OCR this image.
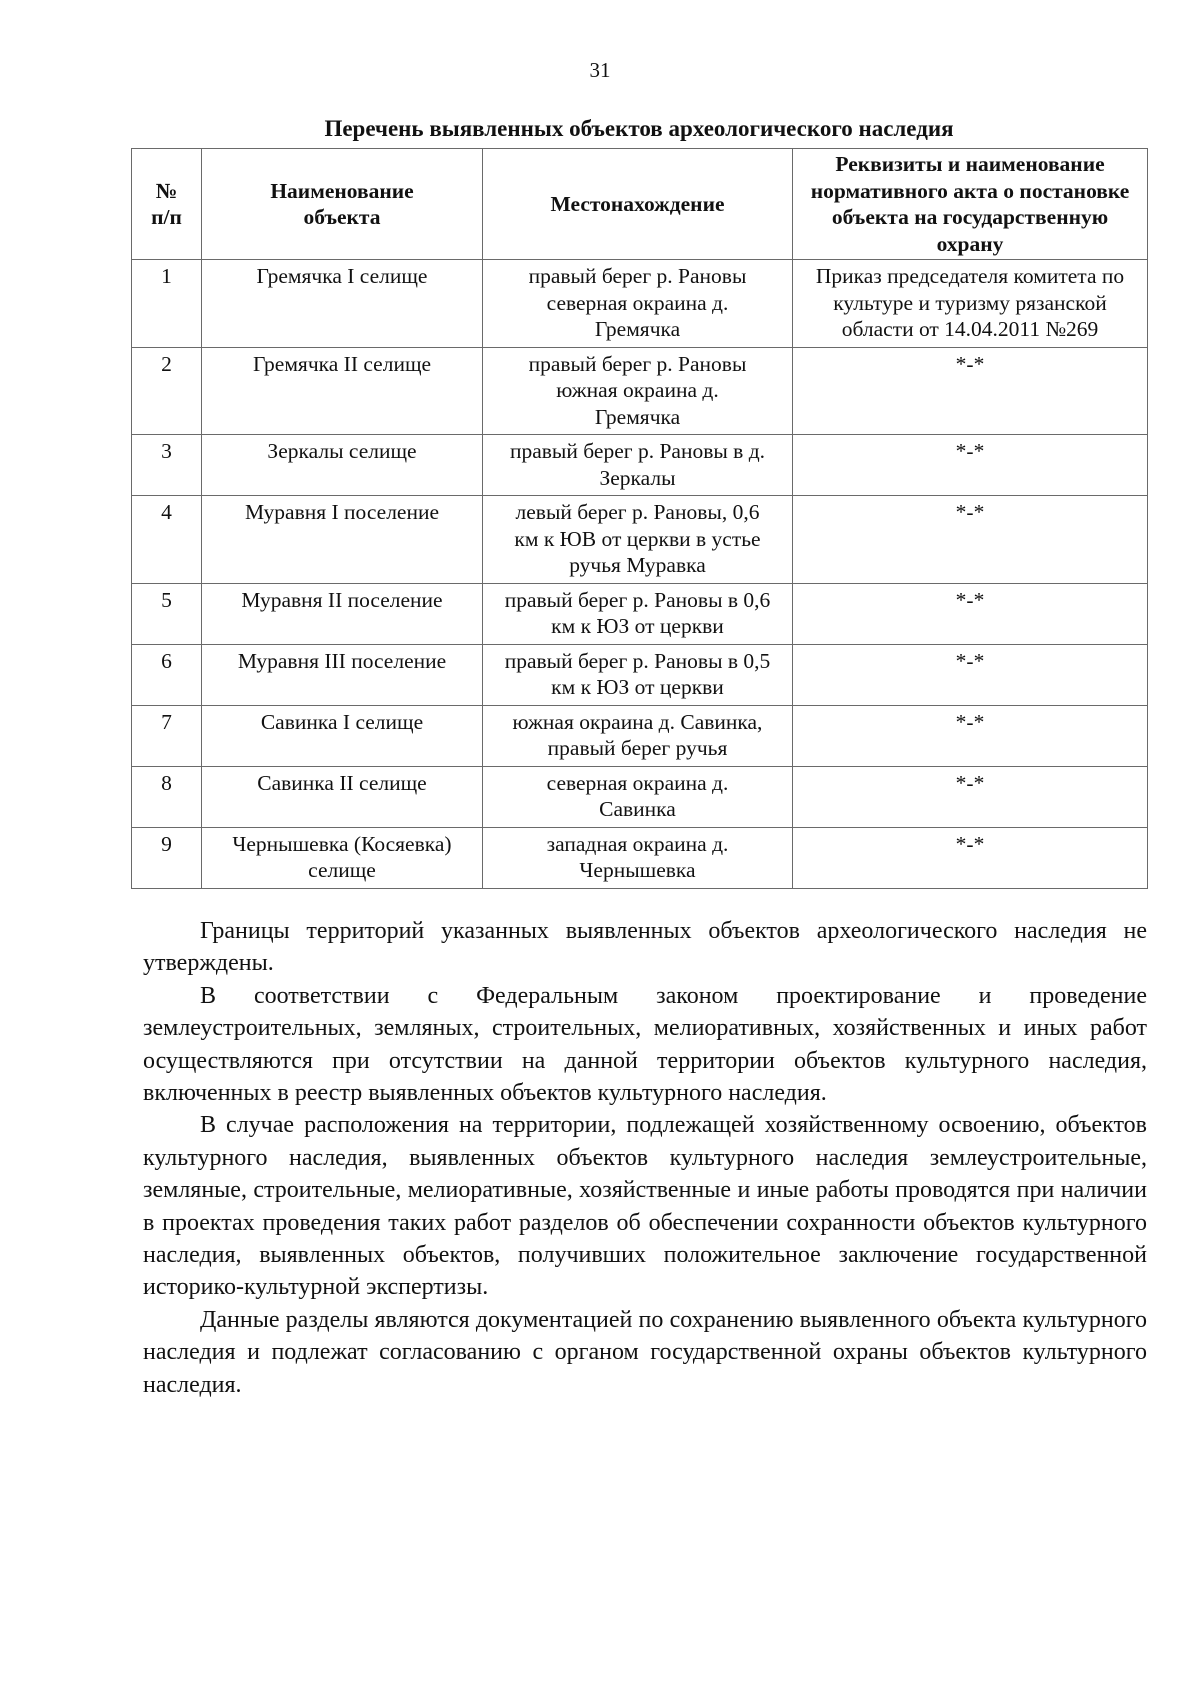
31
Перечень выявленных объектов археологического наследия
№ п/п	Наименование объекта	Местонахождение	Реквизиты и наименование нормативного акта о постановке объекта на государственную охрану
1	Гремячка I селище	правый берег р. Рановы северная окраина д. Гремячка	Приказ председателя комитета по культуре и туризму рязанской области от 14.04.2011 №269
2	Гремячка II селище	правый берег р. Рановы южная окраина д. Гремячка	*-*
3	Зеркалы селище	правый берег р. Рановы в д. Зеркалы	*-*
4	Муравня I поселение	левый берег р. Рановы, 0,6 км к ЮВ от церкви в устье ручья Муравка	*-*
5	Муравня II поселение	правый берег р. Рановы в 0,6 км к ЮЗ от церкви	*-*
6	Муравня III поселение	правый берег р. Рановы в 0,5 км к ЮЗ от церкви	*-*
7	Савинка I селище	южная окраина д. Савинка, правый берег ручья	*-*
8	Савинка II селище	северная окраина д. Савинка	*-*
9	Чернышевка (Косяевка) селище	западная окраина д. Чернышевка	*-*

Границы территорий указанных выявленных объектов археологического наследия не утверждены.

В соответствии с Федеральным законом проектирование и проведение землеустроительных, земляных, строительных, мелиоративных, хозяйственных и иных работ осуществляются при отсутствии на данной территории объектов культурного наследия, включенных в реестр выявленных объектов культурного наследия.

В случае расположения на территории, подлежащей хозяйственному освоению, объектов культурного наследия, выявленных объектов культурного наследия землеустроительные, земляные, строительные, мелиоративные, хозяйственные и иные работы проводятся при наличии в проектах проведения таких работ разделов об обеспечении сохранности объектов культурного наследия, выявленных объектов, получивших положительное заключение государственной историко-культурной экспертизы.

Данные разделы являются документацией по сохранению выявленного объекта культурного наследия и подлежат согласованию с органом государственной охраны объектов культурного наследия.
